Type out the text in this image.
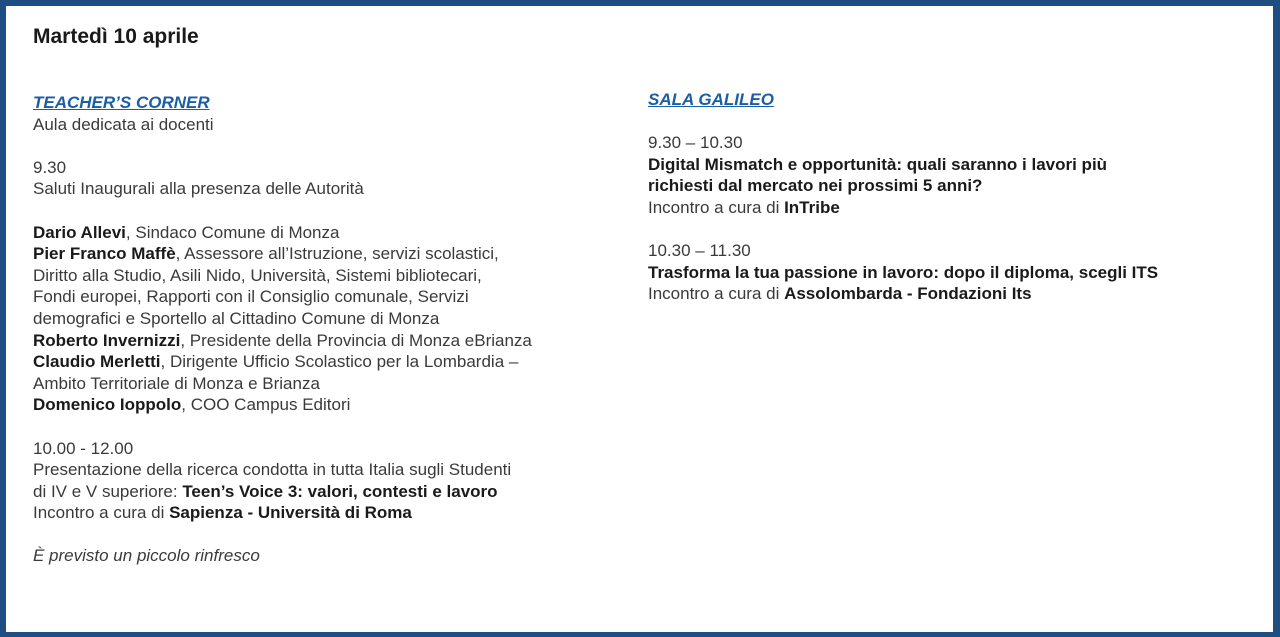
Martedì 10 aprile
TEACHER’S CORNER
Aula dedicata ai docenti
9.30
Saluti Inaugurali alla presenza delle Autorità
Dario Allevi, Sindaco Comune di Monza
Pier Franco Maffè, Assessore all’Istruzione, servizi scolastici,
Diritto alla Studio, Asili Nido, Università, Sistemi bibliotecari,
Fondi europei, Rapporti con il Consiglio comunale, Servizi
demografici e Sportello al Cittadino Comune di Monza
Roberto Invernizzi, Presidente della Provincia di Monza eBrianza
Claudio Merletti, Dirigente Ufficio Scolastico per la Lombardia –
Ambito Territoriale di Monza e Brianza
Domenico Ioppolo, COO Campus Editori
10.00 - 12.00
Presentazione della ricerca condotta in tutta Italia sugli Studenti
di IV e V superiore: Teen’s Voice 3: valori, contesti e lavoro
Incontro a cura di Sapienza - Università di Roma
È previsto un piccolo rinfresco
SALA GALILEO
9.30 – 10.30
Digital Mismatch e opportunità: quali saranno i lavori più
richiesti dal mercato nei prossimi 5 anni?
Incontro a cura di InTribe
10.30 – 11.30
Trasforma la tua passione in lavoro: dopo il diploma, scegli ITS
Incontro a cura di Assolombarda - Fondazioni Its
